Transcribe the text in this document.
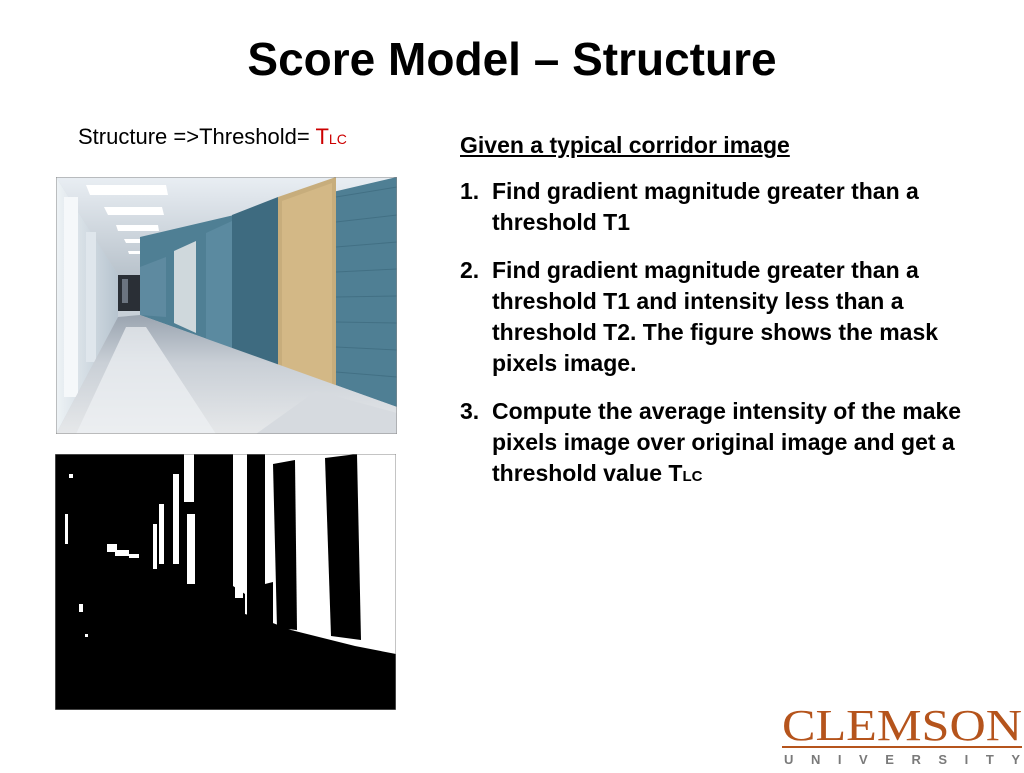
Score Model – Structure
Structure =>Threshold= TLC	Given a typical corridor image
1. Find gradient magnitude greater than a threshold T1
2. Find gradient magnitude greater than a threshold T1 and intensity less than a threshold T2. The figure shows the mask pixels image.
3. Compute the average intensity of the make pixels image over original image and get a threshold value TLC
CLEMSON
UNIVERSITY
